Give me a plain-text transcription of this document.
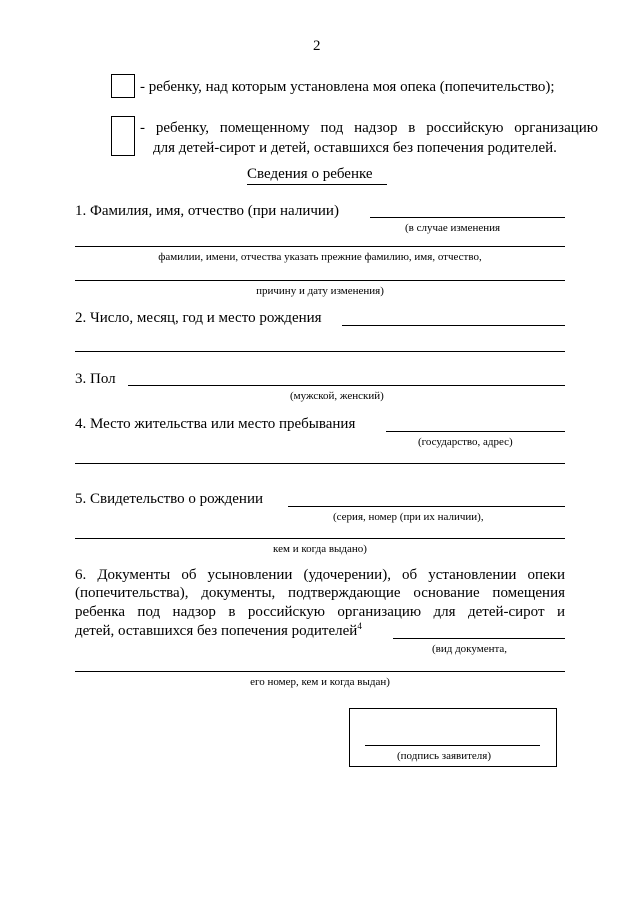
2
- ребенку, над которым установлена моя опека (попечительство);
- ребенку, помещенному под надзор в российскую организацию
для детей-сирот и детей, оставшихся без попечения родителей.
Сведения о ребенке
1. Фамилия, имя, отчество (при наличии)
(в случае изменения
фамилии, имени, отчества указать прежние фамилию, имя, отчество,
причину и дату изменения)
2. Число, месяц, год и место рождения
3. Пол
(мужской, женский)
4. Место жительства или место пребывания
(государство, адрес)
5. Свидетельство о рождении
(серия, номер (при их наличии),
кем и когда выдано)
6. Документы об усыновлении (удочерении), об установлении опеки
(попечительства), документы, подтверждающие основание помещения
ребенка под надзор в российскую организацию для детей-сирот и
детей, оставшихся без попечения родителей$^4$
(вид документа,
его номер, кем и когда выдан)
(подпись заявителя)
